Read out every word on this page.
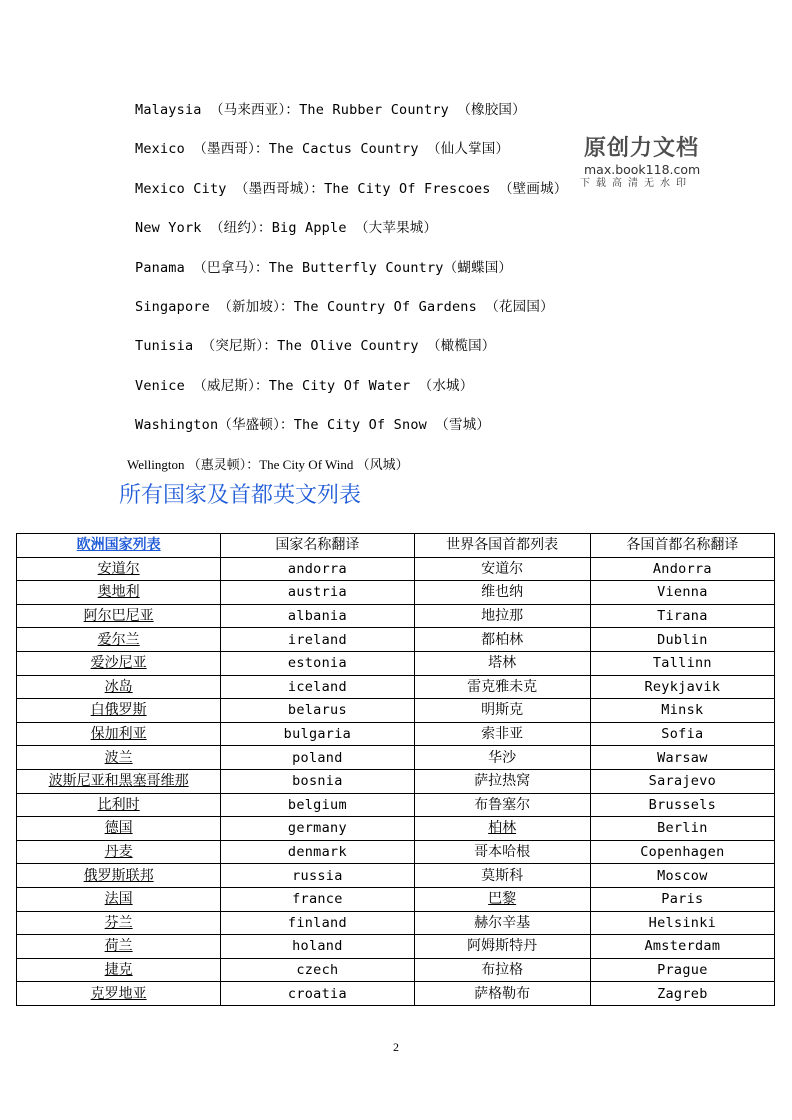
Malaysia （马来西亚）：The Rubber Country （橡胶国）
Mexico （墨西哥）：The Cactus Country （仙人掌国）
Mexico City （墨西哥城）：The City Of Frescoes （壁画城）
New York （纽约）：Big Apple （大苹果城）
Panama （巴拿马）：The Butterfly Country（蝴蝶国）
Singapore （新加坡）：The Country Of Gardens （花园国）
Tunisia （突尼斯）：The Olive Country （橄榄国）
Venice （威尼斯）：The City Of Water （水城）
Washington（华盛顿）：The City Of Snow （雪城）
Wellington （惠灵顿）：The City Of Wind （风城）
原创力文档
max.book118.com
下载高清无水印
所有国家及首都英文列表
欧洲国家列表	国家名称翻译	世界各国首都列表	各国首都名称翻译
安道尔	andorra	安道尔	Andorra
奥地利	austria	维也纳	Vienna
阿尔巴尼亚	albania	地拉那	Tirana
爱尔兰	ireland	都柏林	Dublin
爱沙尼亚	estonia	塔林	Tallinn
冰岛	iceland	雷克雅未克	Reykjavik
白俄罗斯	belarus	明斯克	Minsk
保加利亚	bulgaria	索非亚	Sofia
波兰	poland	华沙	Warsaw
波斯尼亚和黑塞哥维那	bosnia	萨拉热窝	Sarajevo
比利时	belgium	布鲁塞尔	Brussels
德国	germany	柏林	Berlin
丹麦	denmark	哥本哈根	Copenhagen
俄罗斯联邦	russia	莫斯科	Moscow
法国	france	巴黎	Paris
芬兰	finland	赫尔辛基	Helsinki
荷兰	holand	阿姆斯特丹	Amsterdam
捷克	czech	布拉格	Prague
克罗地亚	croatia	萨格勒布	Zagreb
2
